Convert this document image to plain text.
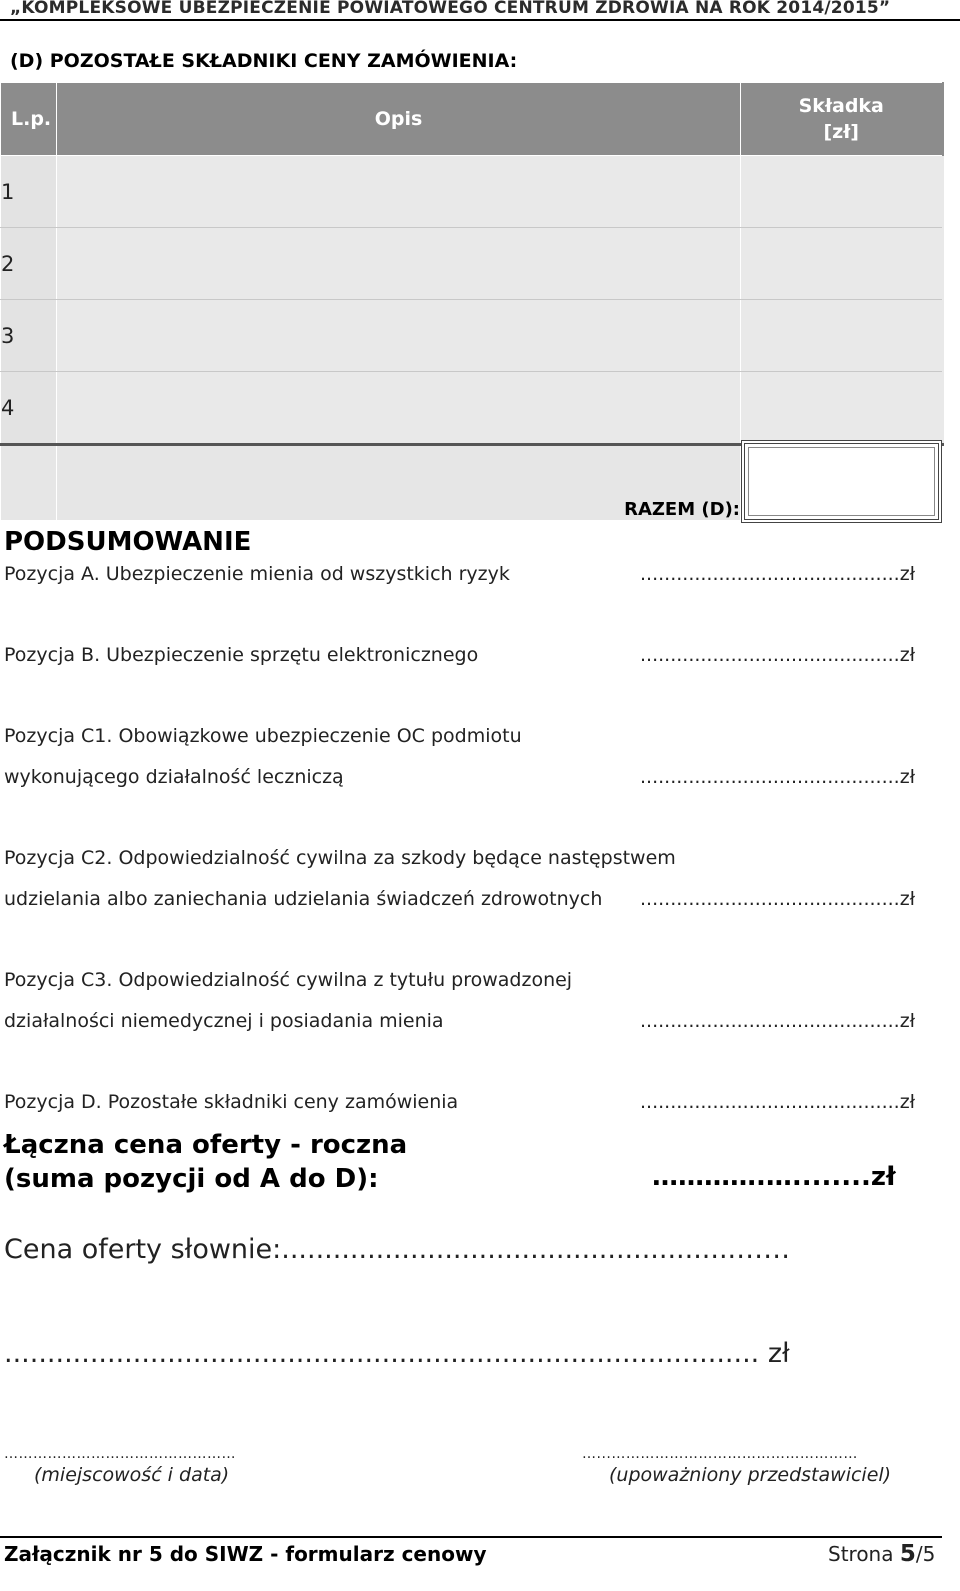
„KOMPLEKSOWE UBEZPIECZENIE POWIATOWEGO CENTRUM ZDROWIA NA ROK 2014/2015”
(D) POZOSTAŁE SKŁADNIKI CENY ZAMÓWIENIA:
L.p.	Opis	Składka
[zł]
1		
2		
3		
4		
	RAZEM (D):	
PODSUMOWANIE
Pozycja A. Ubezpieczenie mienia od wszystkich ryzyk	...........................................zł
Pozycja B. Ubezpieczenie sprzętu elektronicznego	...........................................zł
Pozycja C1. Obowiązkowe ubezpieczenie OC podmiotu
wykonującego działalność leczniczą	...........................................zł
Pozycja C2. Odpowiedzialność cywilna za szkody będące następstwem
udzielania albo zaniechania udzielania świadczeń zdrowotnych ...........................................zł
Pozycja C3. Odpowiedzialność cywilna z tytułu prowadzonej
działalności niemedycznej i posiadania mienia	...........................................zł
Pozycja D. Pozostałe składniki ceny zamówienia	...........................................zł
Łączna cena oferty - roczna
(suma pozycji od A do D):	………….…........zł
Cena oferty słownie:.....................................................……
........................................................................................ zł
…………………………………………
(miejscowość i data)
…...……………………………………………
(upoważniony przedstawiciel)
Załącznik nr 5 do SIWZ - formularz cenowy	Strona 5/5
